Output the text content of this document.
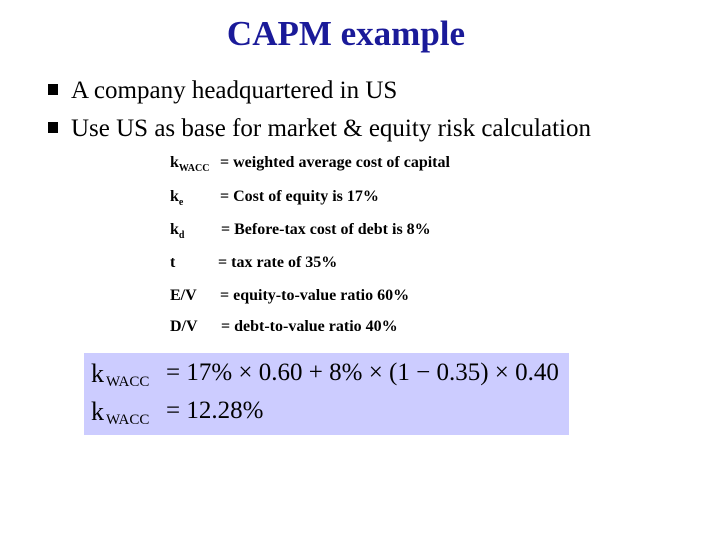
CAPM example
A company headquartered in US
Use US as base for market & equity risk calculation
$k_{WACC}$ = weighted average cost of capital
$k_e$ = Cost of equity is 17%
$k_d$ = Before-tax cost of debt is 8%
t	= tax rate of 35%
E/V = equity-to-value ratio 60%
D/V = debt-to-value ratio 40%
kWACC = 17% × 0.60 + 8% × (1 − 0.35) × 0.40
kWACC = 12.28%
